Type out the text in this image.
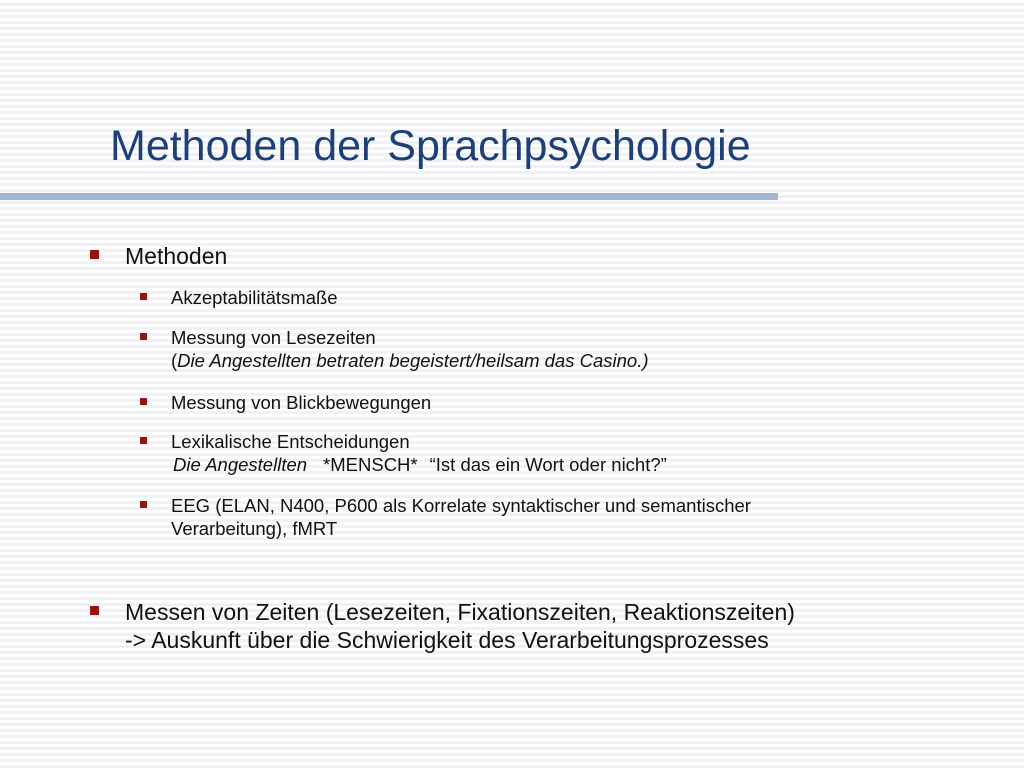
Methoden der Sprachpsychologie
Methoden
Akzeptabilitätsmaße
Messung von Lesezeiten
(Die Angestellten betraten begeistert/heilsam das Casino.)
Messung von Blickbewegungen
Lexikalische Entscheidungen
Die Angestellten *MENSCH* “Ist das ein Wort oder nicht?”
EEG (ELAN, N400, P600 als Korrelate syntaktischer und semantischer
Verarbeitung), fMRT
Messen von Zeiten (Lesezeiten, Fixationszeiten, Reaktionszeiten)
-> Auskunft über die Schwierigkeit des Verarbeitungsprozesses
